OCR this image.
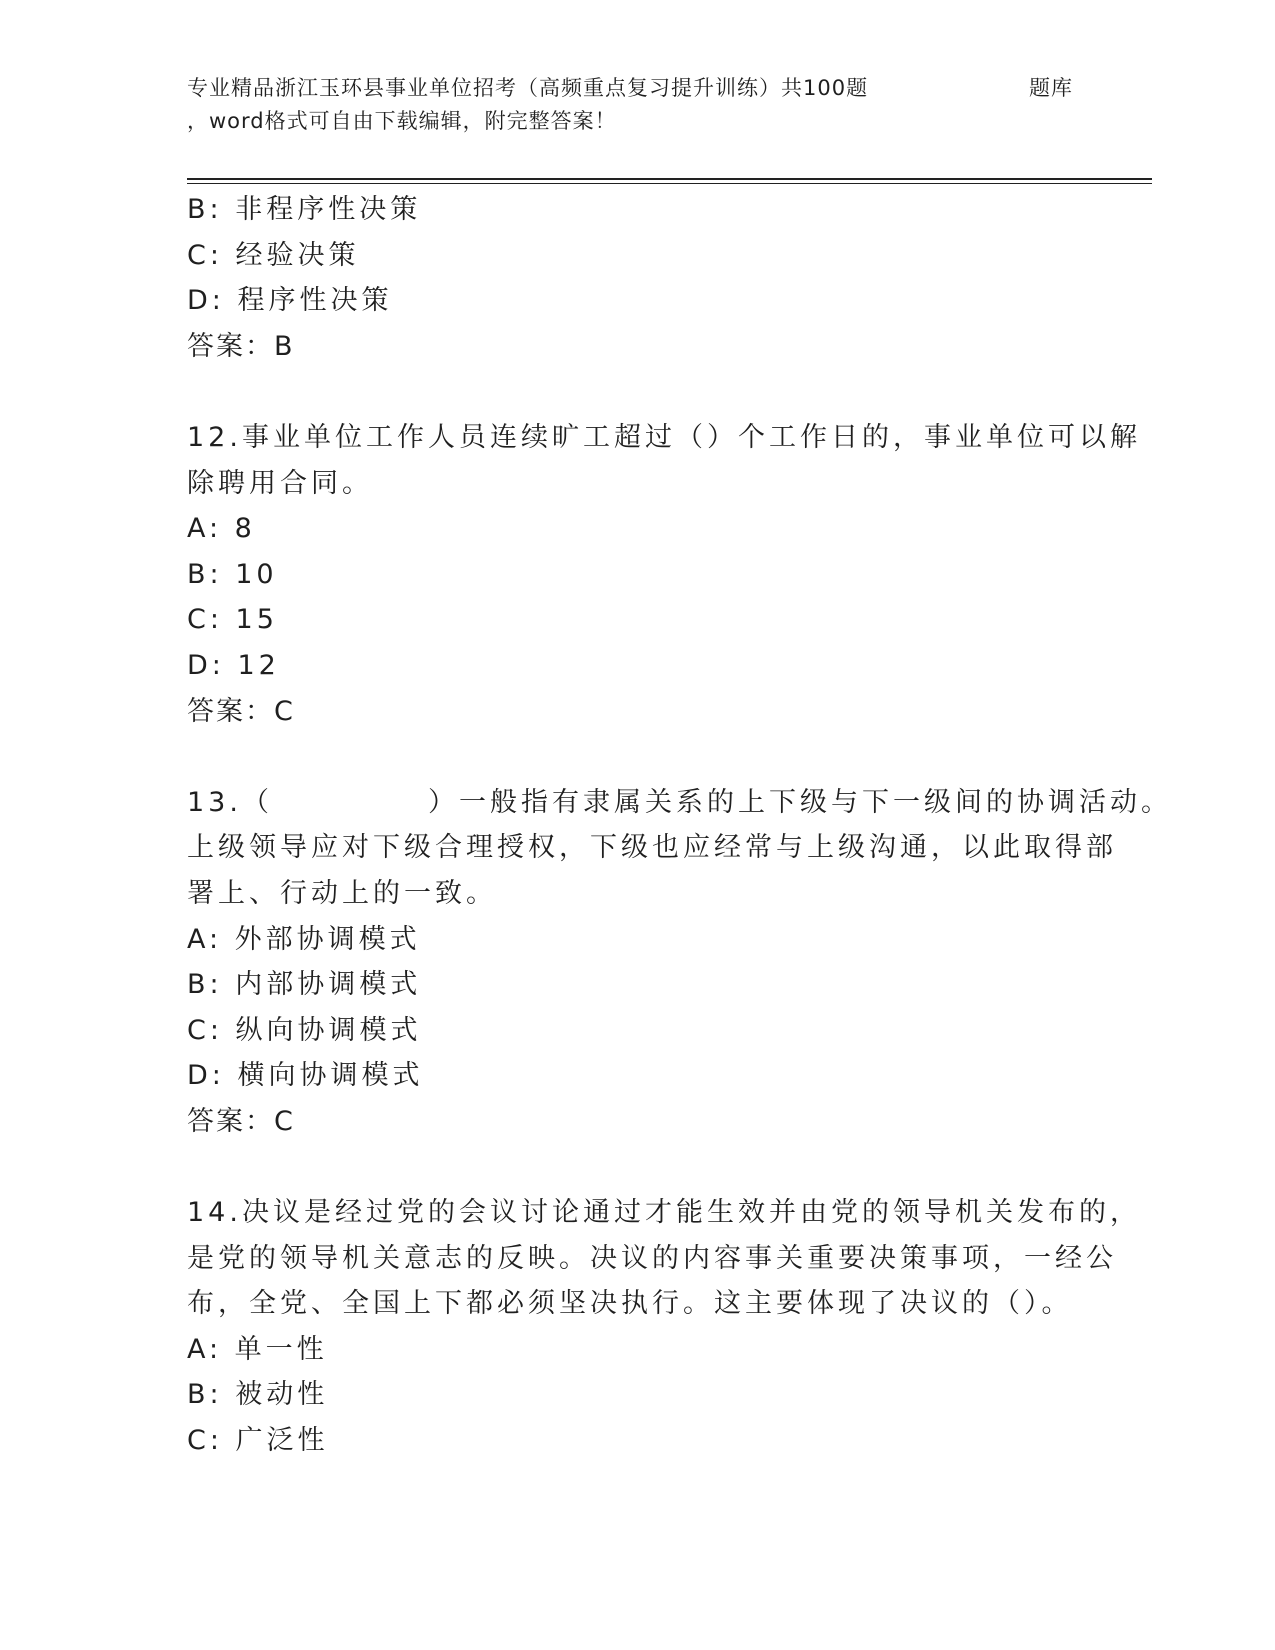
专业精品浙江玉环县事业单位招考（高频重点复习提升训练）共100题	题库
，word格式可自由下载编辑，附完整答案！
B: 非程序性决策
C: 经验决策
D: 程序性决策
答案：B
12.事业单位工作人员连续旷工超过（）个工作日的，事业单位可以解
除聘用合同。
A: 8
B: 10
C: 15
D: 12
答案：C
13.（　　　　　）一般指有隶属关系的上下级与下一级间的协调活动。
上级领导应对下级合理授权，下级也应经常与上级沟通，以此取得部
署上、行动上的一致。
A: 外部协调模式
B: 内部协调模式
C: 纵向协调模式
D: 横向协调模式
答案：C
14.决议是经过党的会议讨论通过才能生效并由党的领导机关发布的，
是党的领导机关意志的反映。决议的内容事关重要决策事项，一经公
布，全党、全国上下都必须坚决执行。这主要体现了决议的（）。
A: 单一性
B: 被动性
C: 广泛性
